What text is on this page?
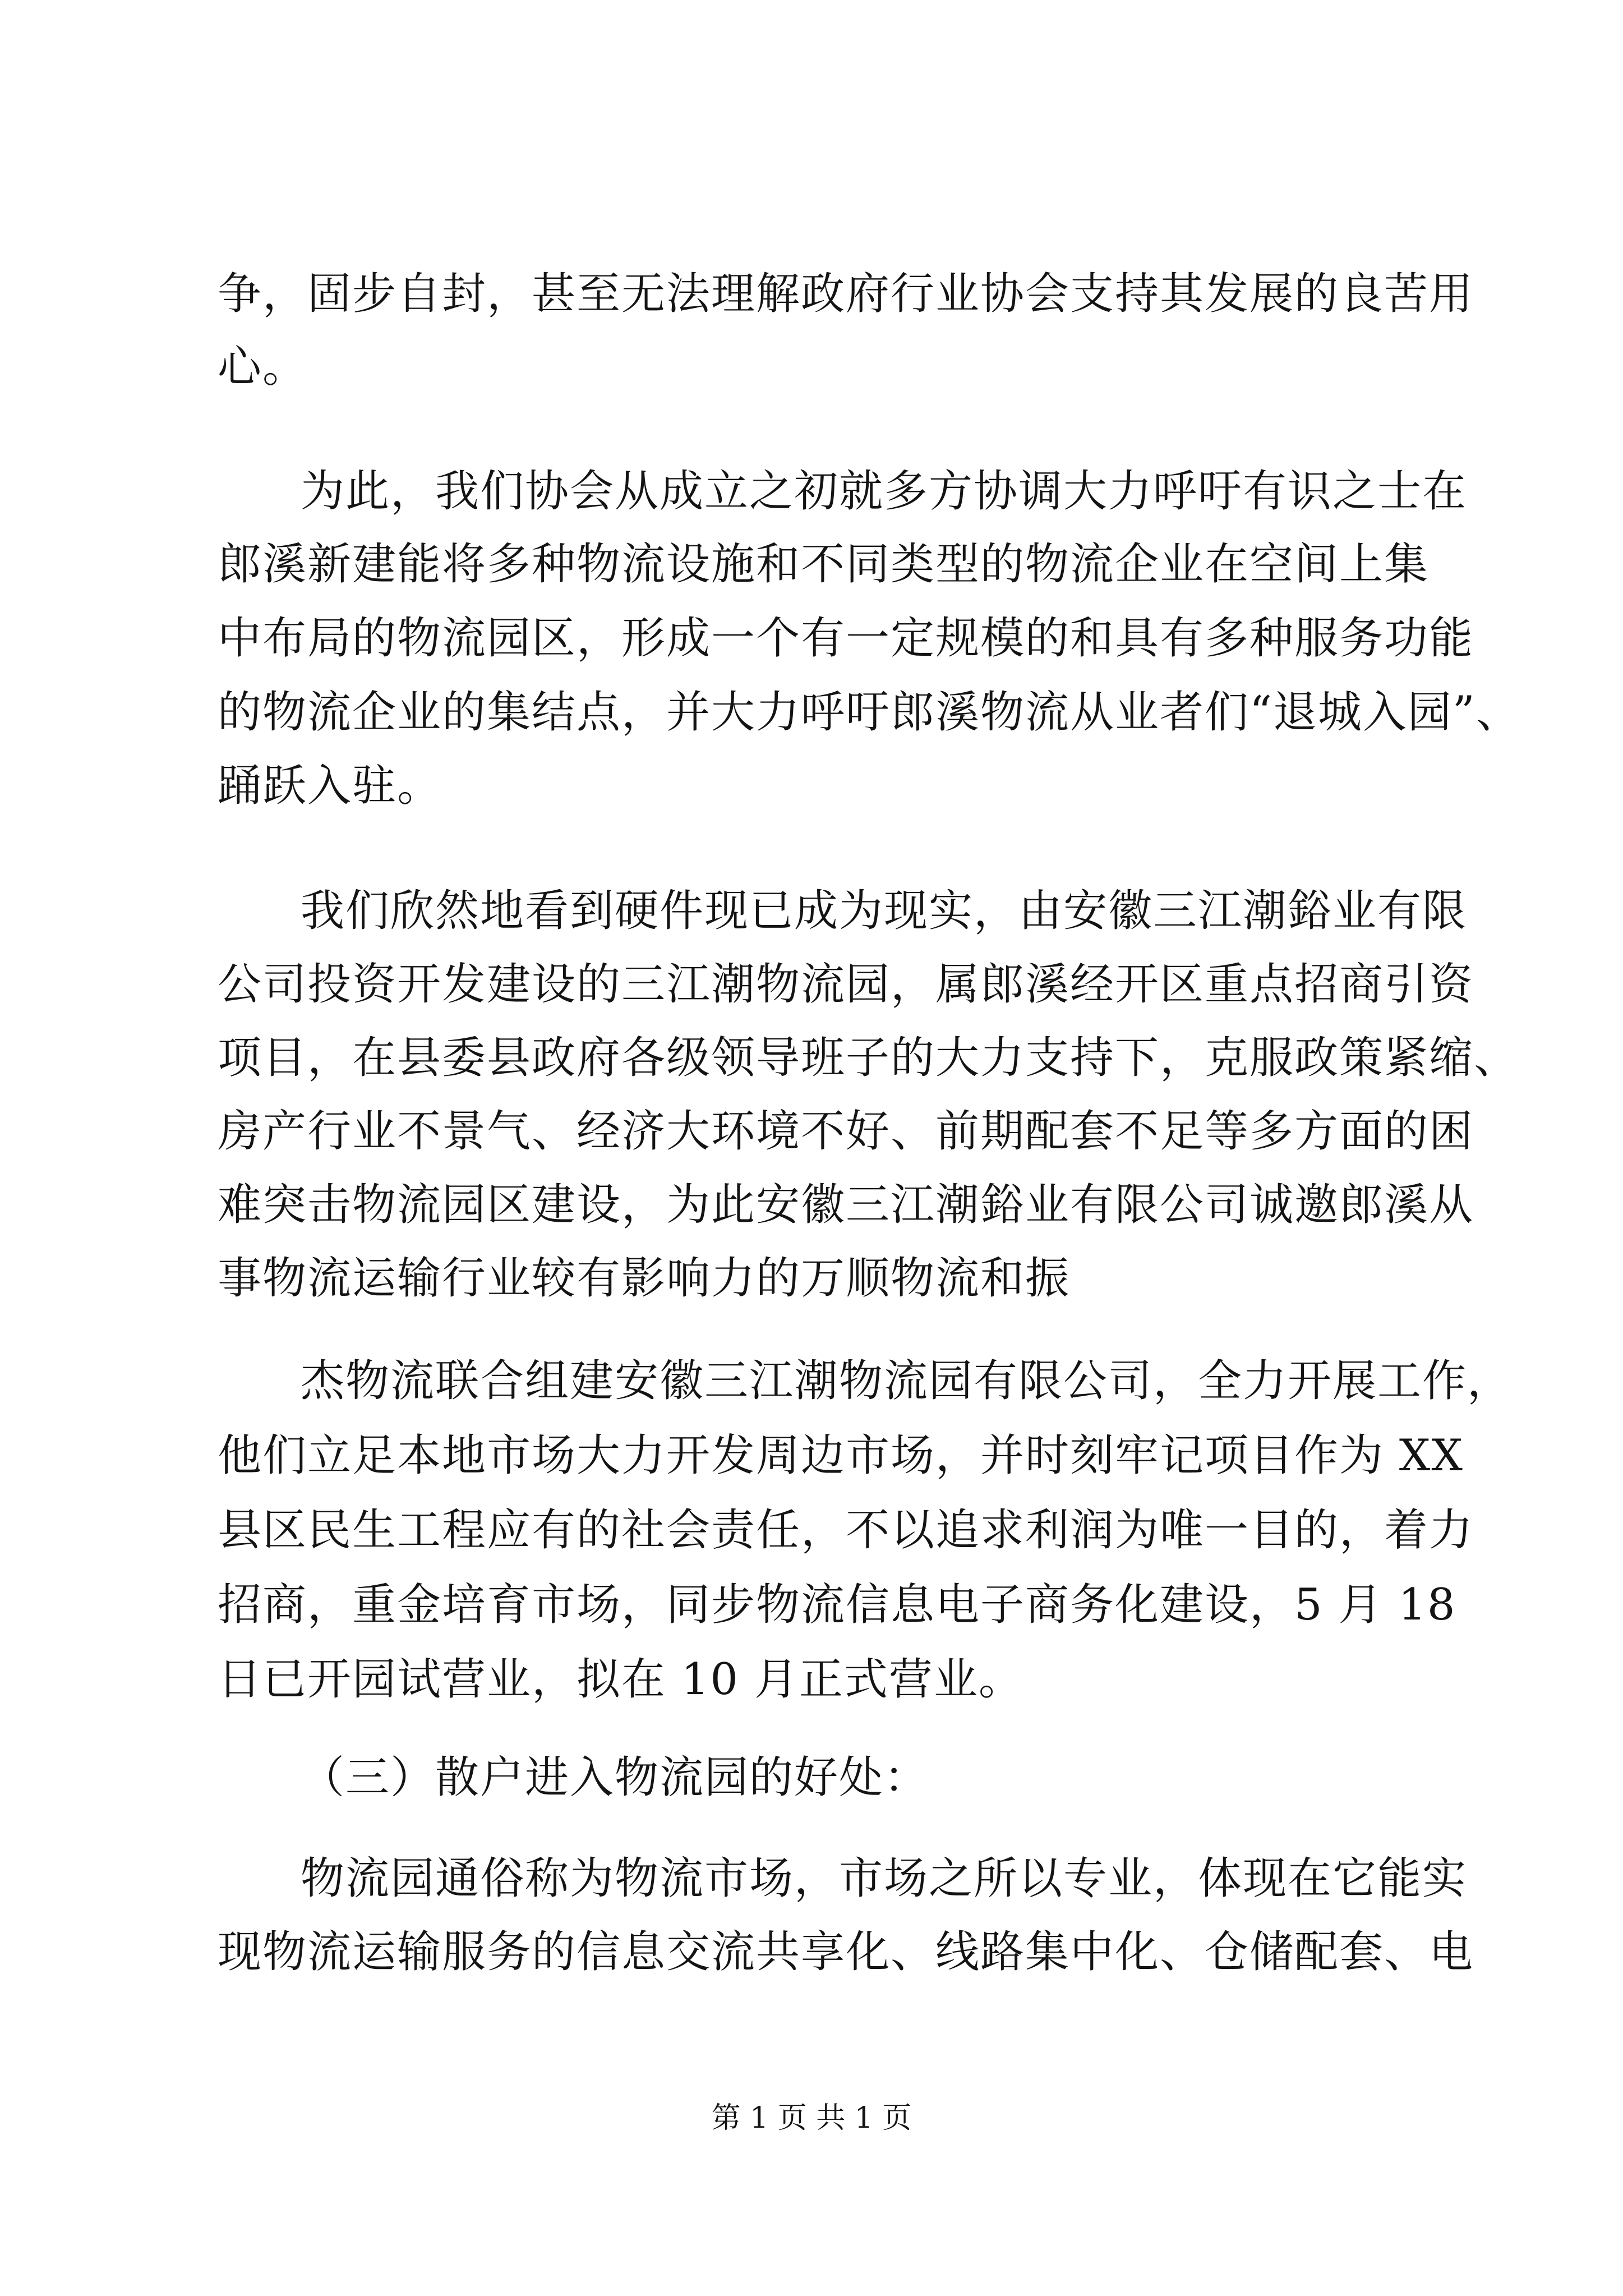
争，固步自封，甚至无法理解政府行业协会支持其发展的良苦用
心。
为此，我们协会从成立之初就多方协调大力呼吁有识之士在
郎溪新建能将多种物流设施和不同类型的物流企业在空间上集
中布局的物流园区，形成一个有一定规模的和具有多种服务功能
的物流企业的集结点，并大力呼吁郎溪物流从业者们“退城入园”、
踊跃入驻。
我们欣然地看到硬件现已成为现实，由安徽三江潮鋊业有限
公司投资开发建设的三江潮物流园，属郎溪经开区重点招商引资
项目，在县委县政府各级领导班子的大力支持下，克服政策紧缩、
房产行业不景气、经济大环境不好、前期配套不足等多方面的困
难突击物流园区建设，为此安徽三江潮鋊业有限公司诚邀郎溪从
事物流运输行业较有影响力的万顺物流和振
杰物流联合组建安徽三江潮物流园有限公司，全力开展工作，
他们立足本地市场大力开发周边市场，并时刻牢记项目作为 XX
县区民生工程应有的社会责任，不以追求利润为唯一目的，着力
招商，重金培育市场，同步物流信息电子商务化建设，5 月 18
日已开园试营业，拟在 10 月正式营业。
（三）散户进入物流园的好处：
物流园通俗称为物流市场，市场之所以专业，体现在它能实
现物流运输服务的信息交流共享化、线路集中化、仓储配套、电
第 1 页 共 1 页
